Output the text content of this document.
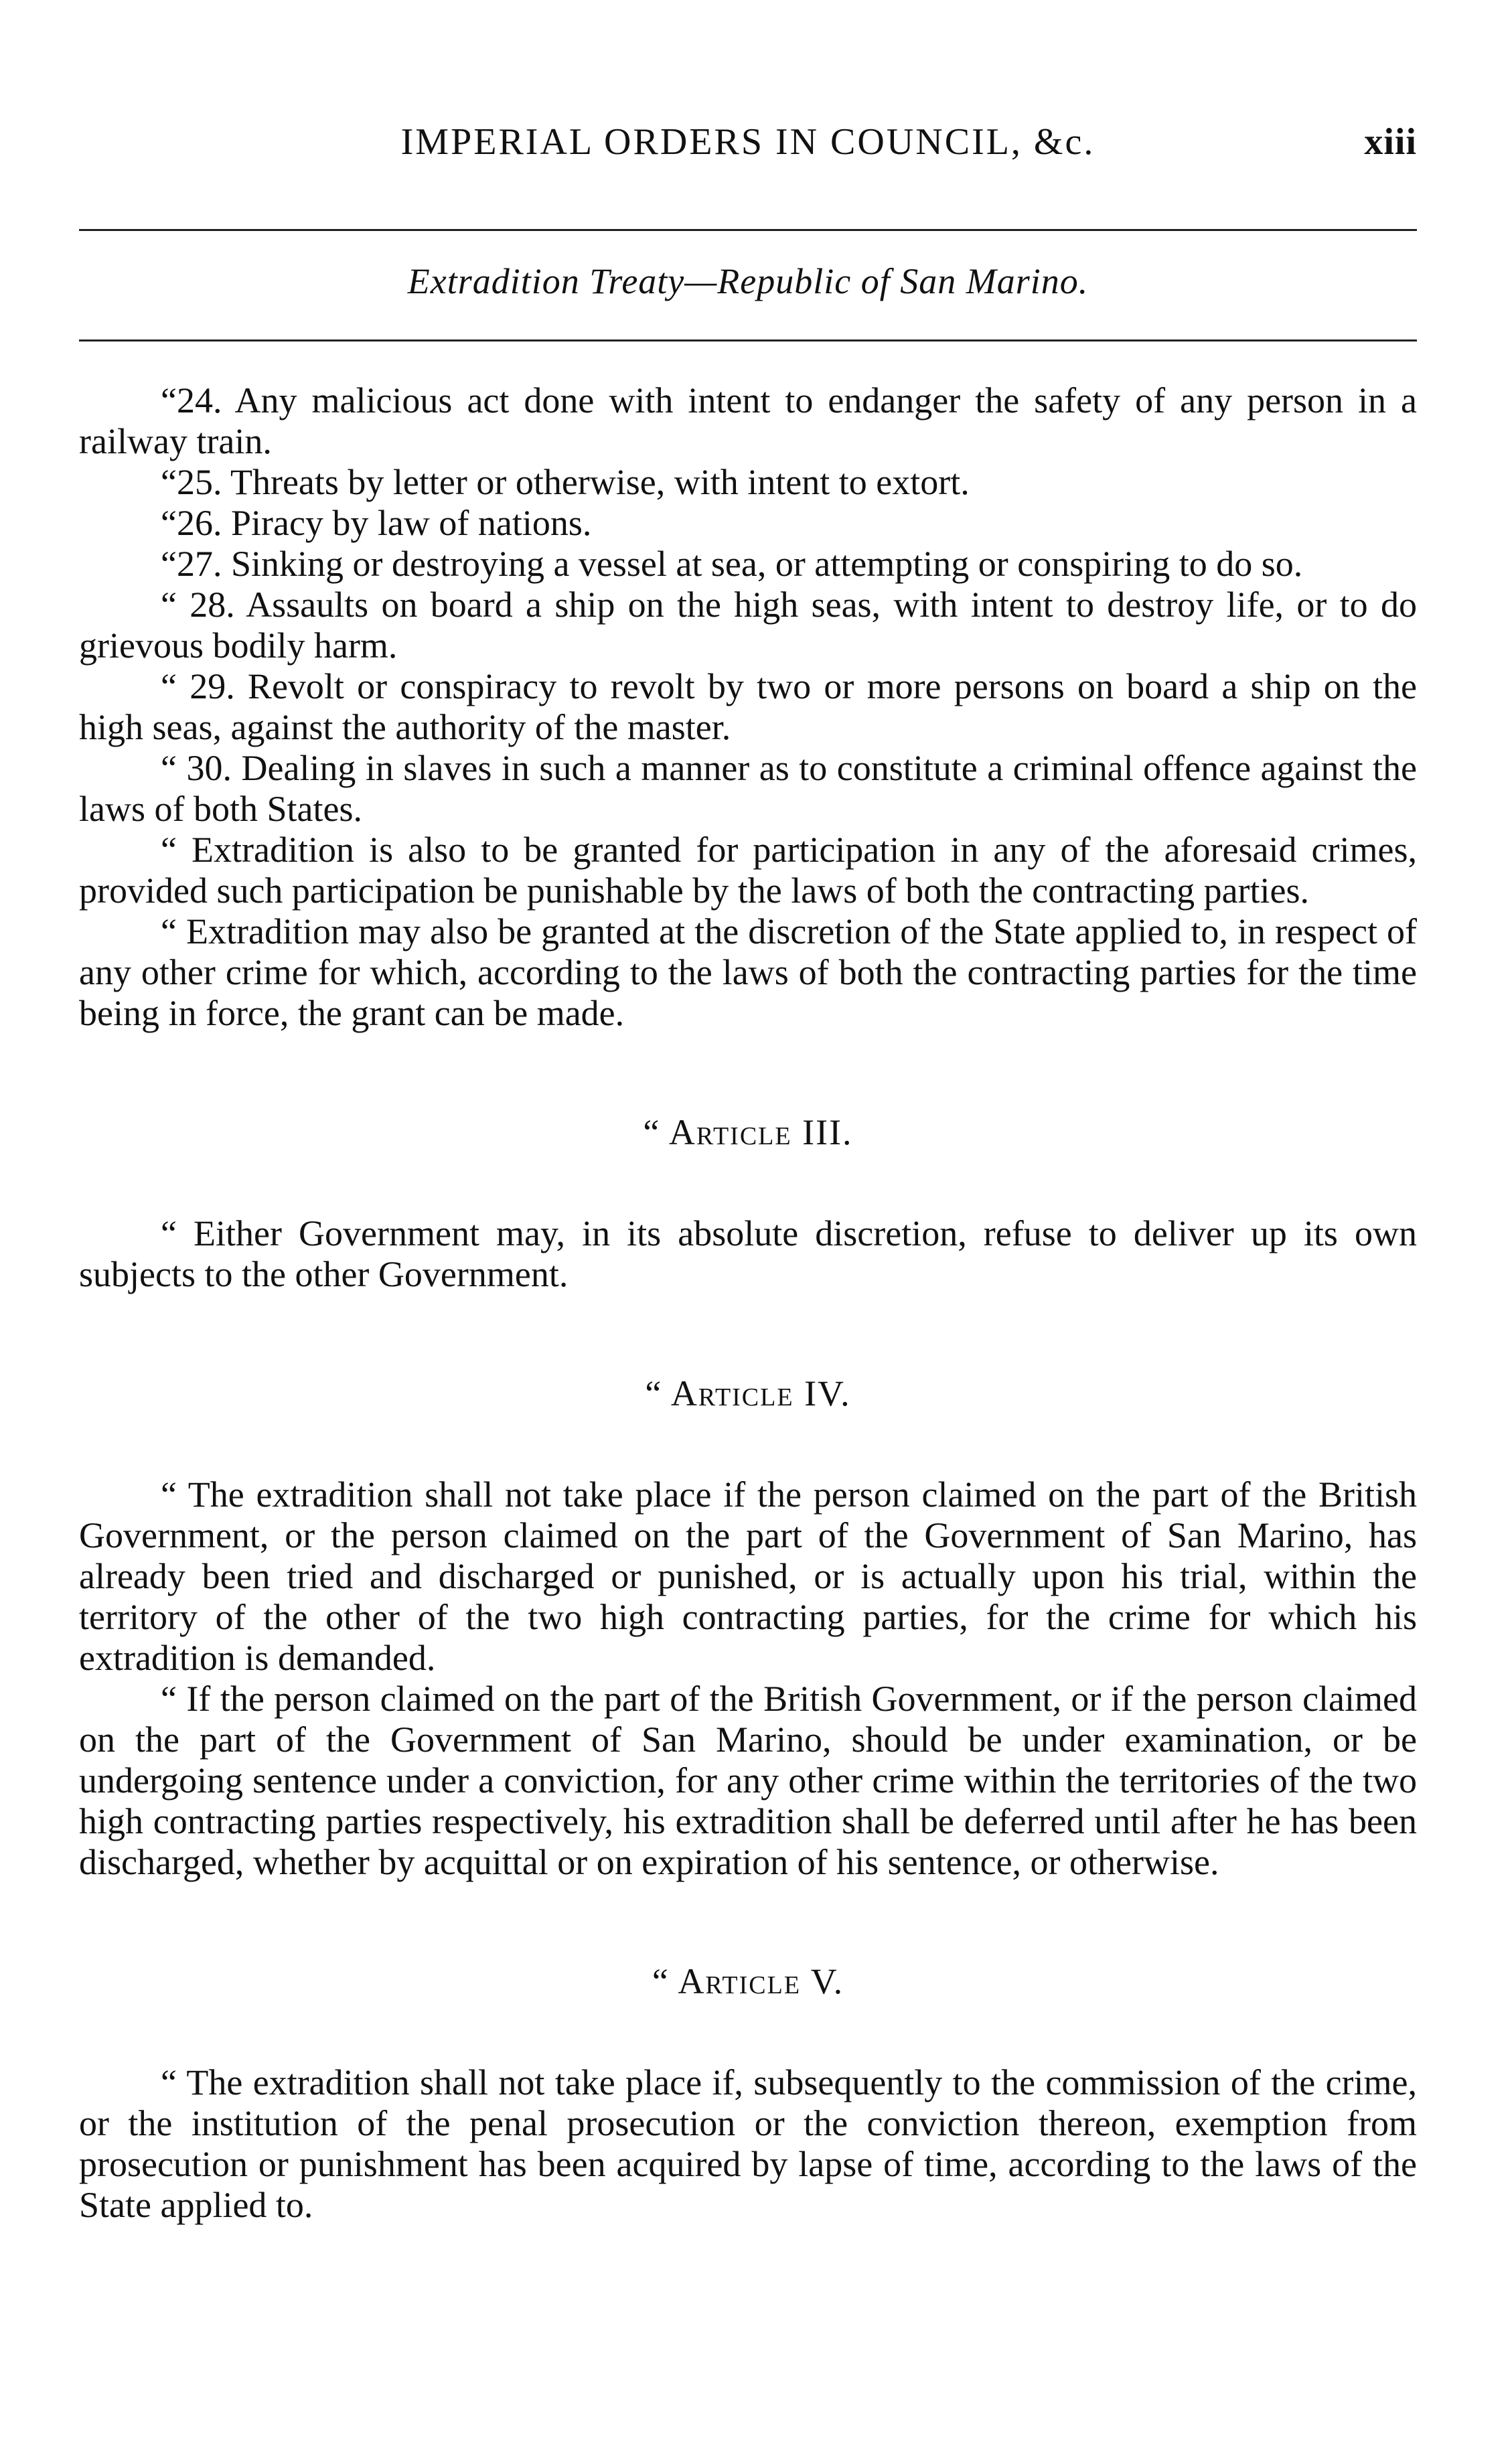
IMPERIAL ORDERS IN COUNCIL, &c.	xiii
Extradition Treaty—Republic of San Marino.

“24. Any malicious act done with intent to endanger the safety of any person in a railway train.

“25. Threats by letter or otherwise, with intent to extort.

“26. Piracy by law of nations.

“27. Sinking or destroying a vessel at sea, or attempting or conspiring to do so.

“ 28. Assaults on board a ship on the high seas, with intent to destroy life, or to do grievous bodily harm.

“ 29. Revolt or conspiracy to revolt by two or more persons on board a ship on the high seas, against the authority of the master.

“ 30. Dealing in slaves in such a manner as to constitute a criminal offence against the laws of both States.

“ Extradition is also to be granted for participation in any of the aforesaid crimes, provided such participation be punishable by the laws of both the contracting parties.

“ Extradition may also be granted at the discretion of the State applied to, in respect of any other crime for which, according to the laws of both the contracting parties for the time being in force, the grant can be made.

“ Article III.

“ Either Government may, in its absolute discretion, refuse to deliver up its own subjects to the other Government.

“ Article IV.

“ The extradition shall not take place if the person claimed on the part of the British Government, or the person claimed on the part of the Government of San Marino, has already been tried and discharged or punished, or is actually upon his trial, within the territory of the other of the two high contracting parties, for the crime for which his extradition is demanded.

“ If the person claimed on the part of the British Government, or if the person claimed on the part of the Government of San Marino, should be under examination, or be undergoing sentence under a conviction, for any other crime within the territories of the two high contracting parties respectively, his extradition shall be deferred until after he has been discharged, whether by acquittal or on expiration of his sentence, or otherwise.

“ Article V.

“ The extradition shall not take place if, subsequently to the commission of the crime, or the institution of the penal prosecution or the conviction thereon, exemption from prosecution or punishment has been acquired by lapse of time, according to the laws of the State applied to.
